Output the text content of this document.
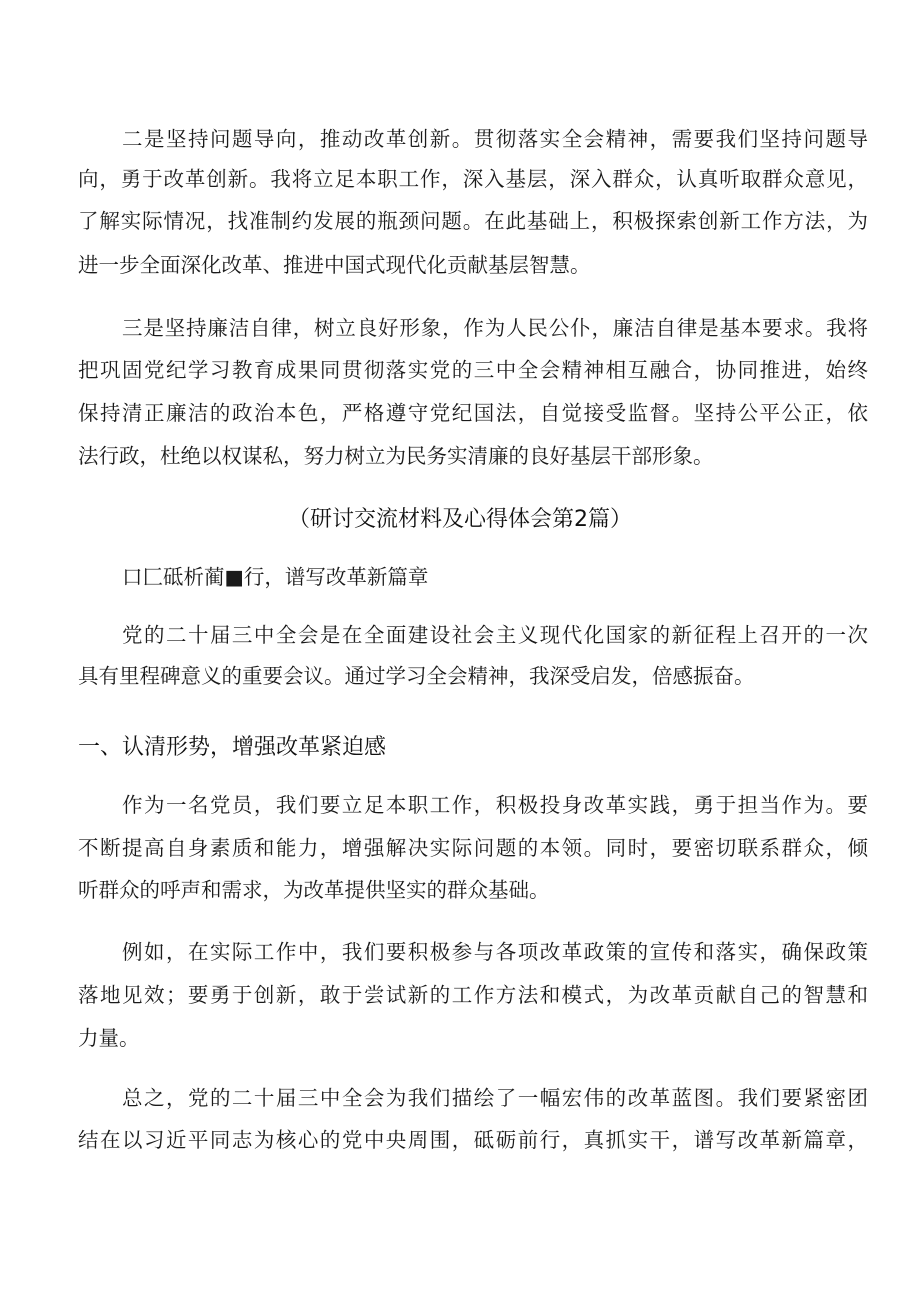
二是坚持问题导向，推动改革创新。贯彻落实全会精神，需要我们坚持问题导
向，勇于改革创新。我将立足本职工作，深入基层，深入群众，认真听取群众意见，
了解实际情况，找准制约发展的瓶颈问题。在此基础上，积极探索创新工作方法，为
进一步全面深化改革、推进中国式现代化贡献基层智慧。
三是坚持廉洁自律，树立良好形象，作为人民公仆，廉洁自律是基本要求。我将
把巩固党纪学习教育成果同贯彻落实党的三中全会精神相互融合，协同推进，始终
保持清正廉洁的政治本色，严格遵守党纪国法，自觉接受监督。坚持公平公正，依
法行政，杜绝以权谋私，努力树立为民务实清廉的良好基层干部形象。
（研讨交流材料及心得体会第2篇）
口匚砥析蔺■行，谱写改革新篇章
党的二十届三中全会是在全面建设社会主义现代化国家的新征程上召开的一次
具有里程碑意义的重要会议。通过学习全会精神，我深受启发，倍感振奋。
一、认清形势，增强改革紧迫感
作为一名党员，我们要立足本职工作，积极投身改革实践，勇于担当作为。要
不断提高自身素质和能力，增强解决实际问题的本领。同时，要密切联系群众，倾
听群众的呼声和需求，为改革提供坚实的群众基础。
例如，在实际工作中，我们要积极参与各项改革政策的宣传和落实，确保政策
落地见效；要勇于创新，敢于尝试新的工作方法和模式，为改革贡献自己的智慧和
力量。
总之，党的二十届三中全会为我们描绘了一幅宏伟的改革蓝图。我们要紧密团
结在以习近平同志为核心的党中央周围，砥砺前行，真抓实干，谱写改革新篇章，
